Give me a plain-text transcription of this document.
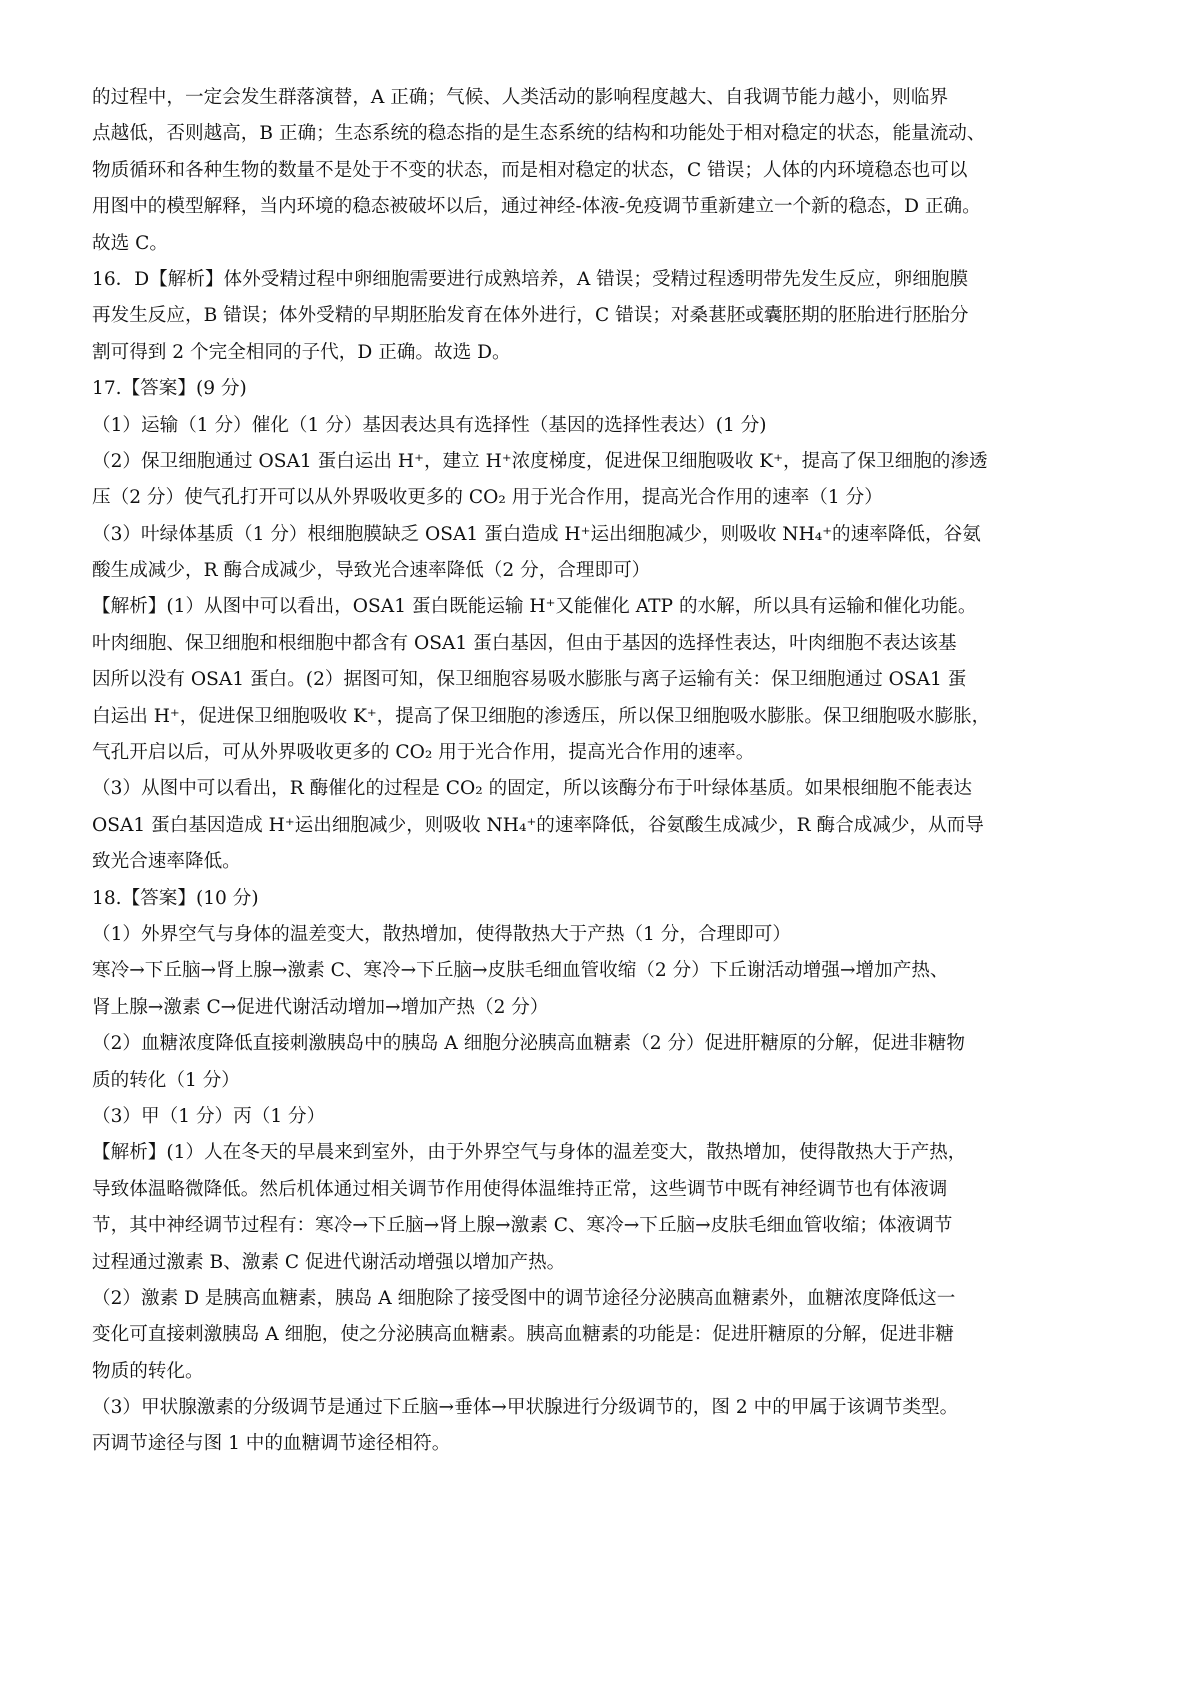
的过程中，一定会发生群落演替，A 正确；气候、人类活动的影响程度越大、自我调节能力越小，则临界
点越低，否则越高，B 正确；生态系统的稳态指的是生态系统的结构和功能处于相对稳定的状态，能量流动、
物质循环和各种生物的数量不是处于不变的状态，而是相对稳定的状态，C 错误；人体的内环境稳态也可以
用图中的模型解释，当内环境的稳态被破坏以后，通过神经-体液-免疫调节重新建立一个新的稳态，D 正确。
故选 C。
16．D【解析】体外受精过程中卵细胞需要进行成熟培养，A 错误；受精过程透明带先发生反应，卵细胞膜
再发生反应，B 错误；体外受精的早期胚胎发育在体外进行，C 错误；对桑葚胚或囊胚期的胚胎进行胚胎分
割可得到 2 个完全相同的子代，D 正确。故选 D。
17.【答案】(9 分)
（1）运输（1 分）催化（1 分）基因表达具有选择性（基因的选择性表达）(1 分)
（2）保卫细胞通过 OSA1 蛋白运出 H⁺，建立 H⁺浓度梯度，促进保卫细胞吸收 K⁺，提高了保卫细胞的渗透
压（2 分）使气孔打开可以从外界吸收更多的 CO₂ 用于光合作用，提高光合作用的速率（1 分）
（3）叶绿体基质（1 分）根细胞膜缺乏 OSA1 蛋白造成 H⁺运出细胞减少，则吸收 NH₄⁺的速率降低，谷氨
酸生成减少，R 酶合成减少，导致光合速率降低（2 分，合理即可）
【解析】(1）从图中可以看出，OSA1 蛋白既能运输 H⁺又能催化 ATP 的水解，所以具有运输和催化功能。
叶肉细胞、保卫细胞和根细胞中都含有 OSA1 蛋白基因，但由于基因的选择性表达，叶肉细胞不表达该基
因所以没有 OSA1 蛋白。(2）据图可知，保卫细胞容易吸水膨胀与离子运输有关：保卫细胞通过 OSA1 蛋
白运出 H⁺，促进保卫细胞吸收 K⁺，提高了保卫细胞的渗透压，所以保卫细胞吸水膨胀。保卫细胞吸水膨胀，
气孔开启以后，可从外界吸收更多的 CO₂ 用于光合作用，提高光合作用的速率。
（3）从图中可以看出，R 酶催化的过程是 CO₂ 的固定，所以该酶分布于叶绿体基质。如果根细胞不能表达
OSA1 蛋白基因造成 H⁺运出细胞减少，则吸收 NH₄⁺的速率降低，谷氨酸生成减少，R 酶合成减少，从而导
致光合速率降低。
18.【答案】(10 分)
（1）外界空气与身体的温差变大，散热增加，使得散热大于产热（1 分，合理即可）
寒冷→下丘脑→肾上腺→激素 C、寒冷→下丘脑→皮肤毛细血管收缩（2 分）下丘谢活动增强→增加产热、
肾上腺→激素 C→促进代谢活动增加→增加产热（2 分）
（2）血糖浓度降低直接刺激胰岛中的胰岛 A 细胞分泌胰高血糖素（2 分）促进肝糖原的分解，促进非糖物
质的转化（1 分）
（3）甲（1 分）丙（1 分）
【解析】(1）人在冬天的早晨来到室外，由于外界空气与身体的温差变大，散热增加，使得散热大于产热，
导致体温略微降低。然后机体通过相关调节作用使得体温维持正常，这些调节中既有神经调节也有体液调
节，其中神经调节过程有：寒冷→下丘脑→肾上腺→激素 C、寒冷→下丘脑→皮肤毛细血管收缩；体液调节
过程通过激素 B、激素 C 促进代谢活动增强以增加产热。
（2）激素 D 是胰高血糖素，胰岛 A 细胞除了接受图中的调节途径分泌胰高血糖素外，血糖浓度降低这一
变化可直接刺激胰岛 A 细胞，使之分泌胰高血糖素。胰高血糖素的功能是：促进肝糖原的分解，促进非糖
物质的转化。
（3）甲状腺激素的分级调节是通过下丘脑→垂体→甲状腺进行分级调节的，图 2 中的甲属于该调节类型。
丙调节途径与图 1 中的血糖调节途径相符。
